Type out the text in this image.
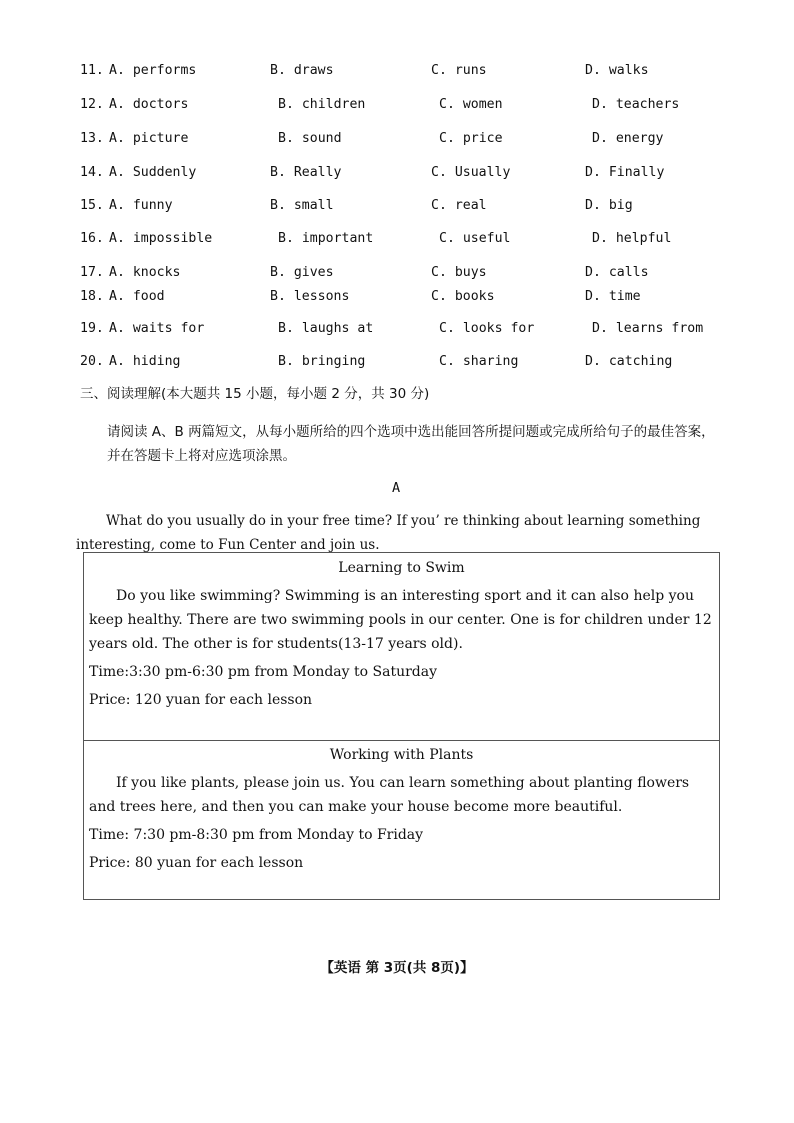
11. A. performs	B. draws	C. runs	D. walks
12. A. doctors	B. children	C. women	D. teachers
13. A. picture	B. sound	C. price	D. energy
14. A. Suddenly	B. Really	C. Usually	D. Finally
15. A. funny	B. small	C. real	D. big
16. A. impossible	B. important	C. useful	D. helpful
17. A. knocks	B. gives	C. buys	D. calls
18. A. food	B. lessons	C. books	D. time
19. A. waits for	B. laughs at	C. looks for	D. learns from
20. A. hiding	B. bringing	C. sharing	D. catching
三、阅读理解(本大题共 15 小题，每小题 2 分，共 30 分)
请阅读 A、B 两篇短文，从每小题所给的四个选项中选出能回答所提问题或完成所给句子的最佳答案，并在答题卡上将对应选项涂黑。
A
What do you usually do in your free time? If you’ re thinking about learning something interesting, come to Fun Center and join us.
Learning to Swim
Do you like swimming? Swimming is an interesting sport and it can also help you keep healthy. There are two swimming pools in our center. One is for children under 12 years old. The other is for students(13-17 years old).
Time:3:30 pm-6:30 pm from Monday to Saturday
Price: 120 yuan for each lesson
Working with Plants
If you like plants, please join us. You can learn something about planting flowers and trees here, and then you can make your house become more beautiful.
Time: 7:30 pm-8:30 pm from Monday to Friday
Price: 80 yuan for each lesson
【英语 第 3页(共 8页)】
